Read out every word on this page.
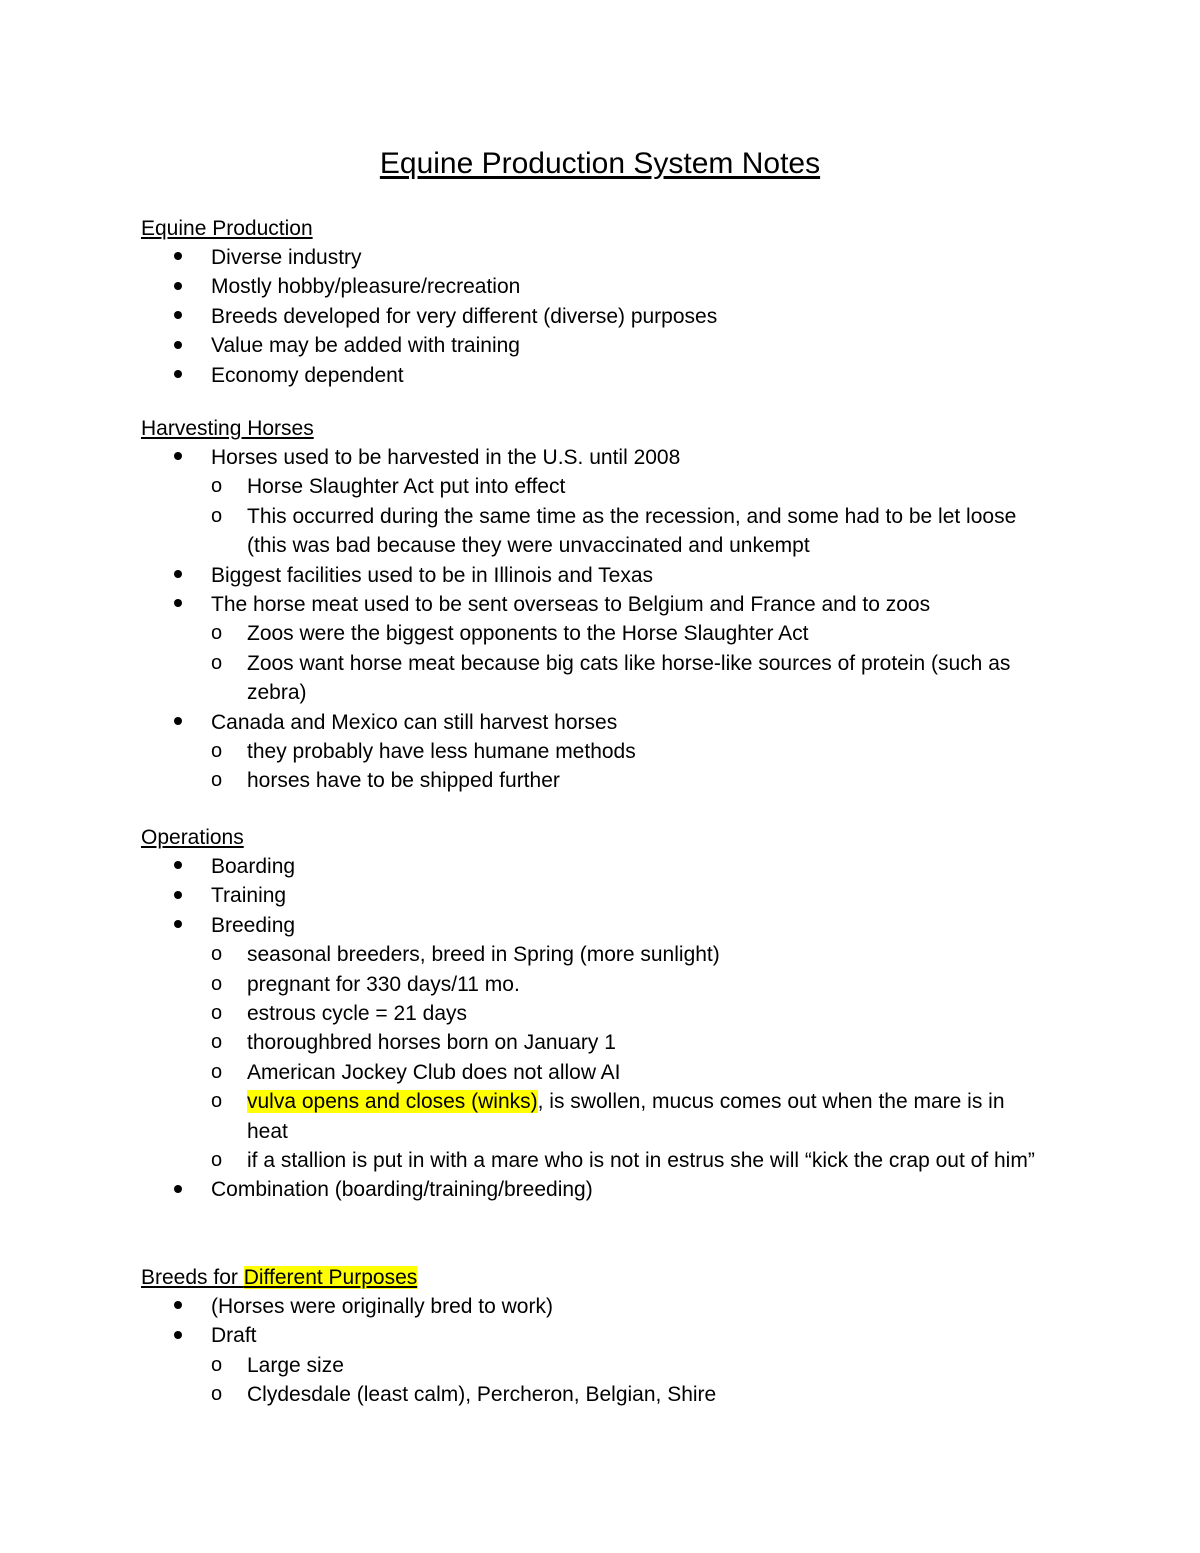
Equine Production System Notes
Equine Production
Diverse industry
Mostly hobby/pleasure/recreation
Breeds developed for very different (diverse) purposes
Value may be added with training
Economy dependent
Harvesting Horses
Horses used to be harvested in the U.S. until 2008
o Horse Slaughter Act put into effect
o This occurred during the same time as the recession, and some had to be let loose (this was bad because they were unvaccinated and unkempt
Biggest facilities used to be in Illinois and Texas
The horse meat used to be sent overseas to Belgium and France and to zoos
o Zoos were the biggest opponents to the Horse Slaughter Act
o Zoos want horse meat because big cats like horse-like sources of protein (such as zebra)
Canada and Mexico can still harvest horses
o they probably have less humane methods
o horses have to be shipped further
Operations
Boarding
Training
Breeding
o seasonal breeders, breed in Spring (more sunlight)
o pregnant for 330 days/11 mo.
o estrous cycle = 21 days
o thoroughbred horses born on January 1
o American Jockey Club does not allow AI
o vulva opens and closes (winks), is swollen, mucus comes out when the mare is in heat
o if a stallion is put in with a mare who is not in estrus she will “kick the crap out of him”
Combination (boarding/training/breeding)
Breeds for Different Purposes
(Horses were originally bred to work)
Draft
o Large size
o Clydesdale (least calm), Percheron, Belgian, Shire
